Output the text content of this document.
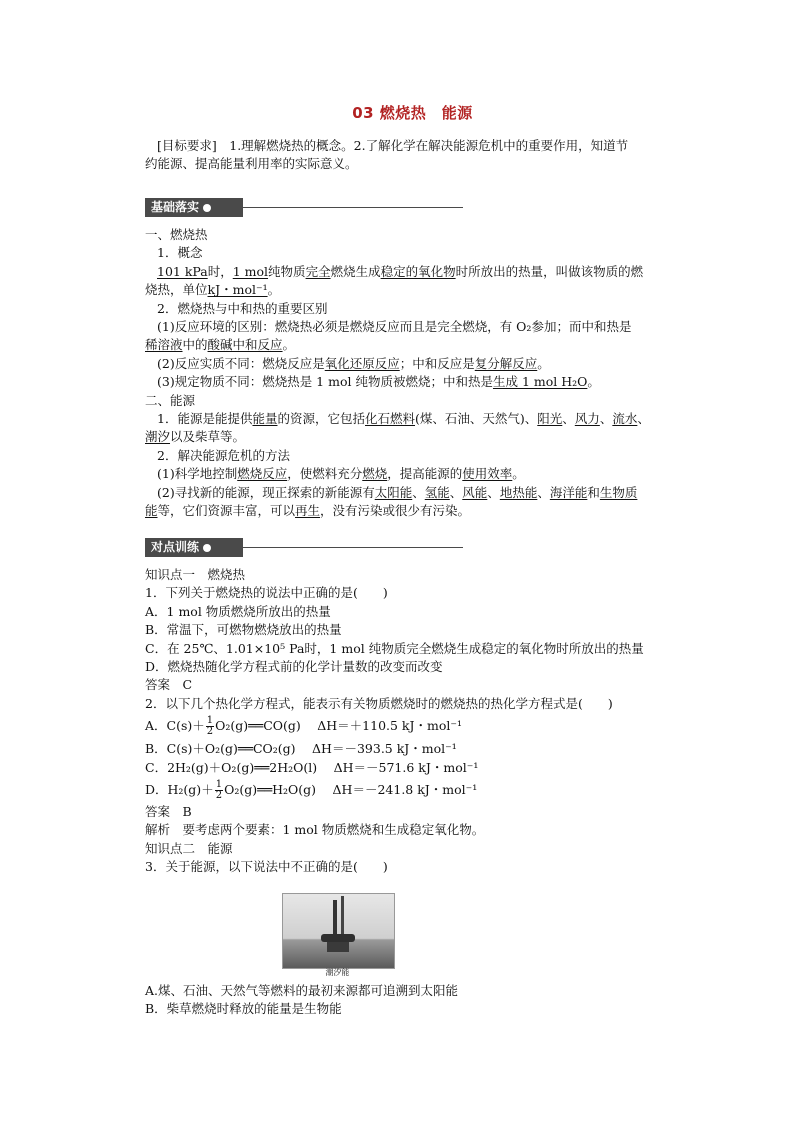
03 燃烧热　能源
[目标要求]　1.理解燃烧热的概念。2.了解化学在解决能源危机中的重要作用，知道节
约能源、提高能量利用率的实际意义。
基础落实
一、燃烧热
1．概念
101 kPa时，1 mol纯物质完全燃烧生成稳定的氧化物时所放出的热量，叫做该物质的燃
烧热，单位kJ・mol⁻¹。
2．燃烧热与中和热的重要区别
(1)反应环境的区别：燃烧热必须是燃烧反应而且是完全燃烧，有 O₂参加；而中和热是
稀溶液中的酸碱中和反应。
(2)反应实质不同：燃烧反应是氧化还原反应；中和反应是复分解反应。
(3)规定物质不同：燃烧热是 1 mol 纯物质被燃烧；中和热是生成 1 mol H₂O。
二、能源
1．能源是能提供能量的资源，它包括化石燃料(煤、石油、天然气)、阳光、风力、流水、
潮汐以及柴草等。
2．解决能源危机的方法
(1)科学地控制燃烧反应，使燃料充分燃烧，提高能源的使用效率。
(2)寻找新的能源，现正探索的新能源有太阳能、氢能、风能、地热能、海洋能和生物质
能等，它们资源丰富，可以再生，没有污染或很少有污染。
对点训练
知识点一　燃烧热
1．下列关于燃烧热的说法中正确的是(　　)
A．1 mol 物质燃烧所放出的热量
B．常温下，可燃物燃烧放出的热量
C．在 25℃、1.01×10⁵ Pa时，1 mol 纯物质完全燃烧生成稳定的氧化物时所放出的热量
D．燃烧热随化学方程式前的化学计量数的改变而改变
答案　C
2．以下几个热化学方程式，能表示有关物质燃烧时的燃烧热的热化学方程式是(　　)
A．$C(s)+ \frac{1}{2}$ O₂(g)══CO(g)　 ΔH＝＋110.5 kJ・mol⁻¹
B．C(s)＋O₂(g)══CO₂(g)　 ΔH＝－393.5 kJ・mol⁻¹
C．2H₂(g)＋O₂(g)══2H₂O(l)　 ΔH＝－571.6 kJ・mol⁻¹
D．$H_2(g)+ \frac{1}{2}$ O₂(g)══H₂O(g)　 ΔH＝－241.8 kJ・mol⁻¹
答案　B
解析　要考虑两个要素：1 mol 物质燃烧和生成稳定氧化物。
知识点二　能源
3．关于能源，以下说法中不正确的是(　　)
潮汐能
A.煤、石油、天然气等燃料的最初来源都可追溯到太阳能
B．柴草燃烧时释放的能量是生物能
